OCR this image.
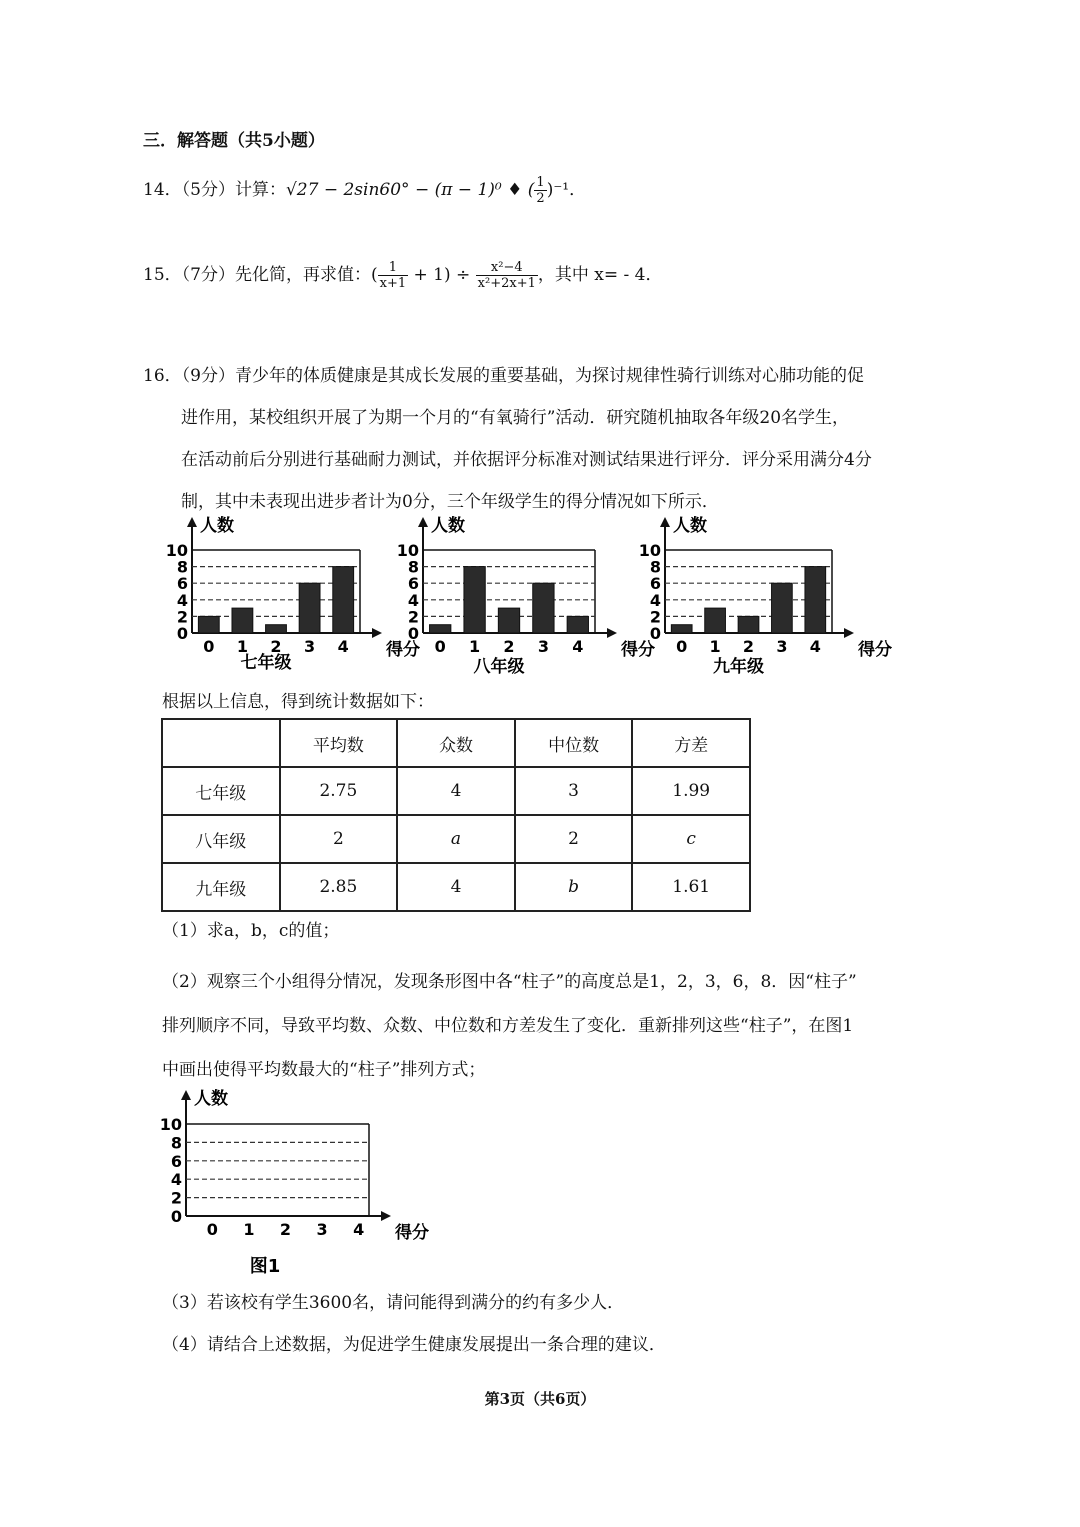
三．解答题（共5小题）
14．（5分）计算：√27 − 2sin60° − (π − 1)⁰ ♦ ( $\frac{1}{2} )^{-1}$．
15．（7分）先化简，再求值：( $\frac{1}{x+1} + 1) \div \frac{\text{x²−4}}{\text{x²+2x+1}}$ ，其中 x= - 4．
16．（9分）青少年的体质健康是其成长发展的重要基础，为探讨规律性骑行训练对心肺功能的促
进作用，某校组织开展了为期一个月的“有氧骑行”活动．研究随机抽取各年级20名学生，
在活动前后分别进行基础耐力测试，并依据评分标准对测试结果进行评分．评分采用满分4分
制，其中未表现出进步者计为0分，三个年级学生的得分情况如下所示．
人数
得分
0
2
4
6
8
10
0 1 2 3 4
七年级
人数
得分
0
2
4
6
8
10
0 1 2 3 4
八年级
人数
得分
0
2
4
6
8
10
0 1 2 3 4
九年级
人数
得分
0
2
4
6
8
10
0 1 2 3 4
图1
根据以上信息，得到统计数据如下：
	平均数	众数	中位数	方差
七年级	2.75	4	3	1.99
八年级	2	a	2	c
九年级	2.85	4	b	1.61
（1）求a，b，c的值；
（2）观察三个小组得分情况，发现条形图中各“柱子”的高度总是1，2，3，6，8．因“柱子”
排列顺序不同，导致平均数、众数、中位数和方差发生了变化．重新排列这些“柱子”，在图1
中画出使得平均数最大的“柱子”排列方式；
（3）若该校有学生3600名，请问能得到满分的约有多少人．
（4）请结合上述数据，为促进学生健康发展提出一条合理的建议．
第3页（共6页）
